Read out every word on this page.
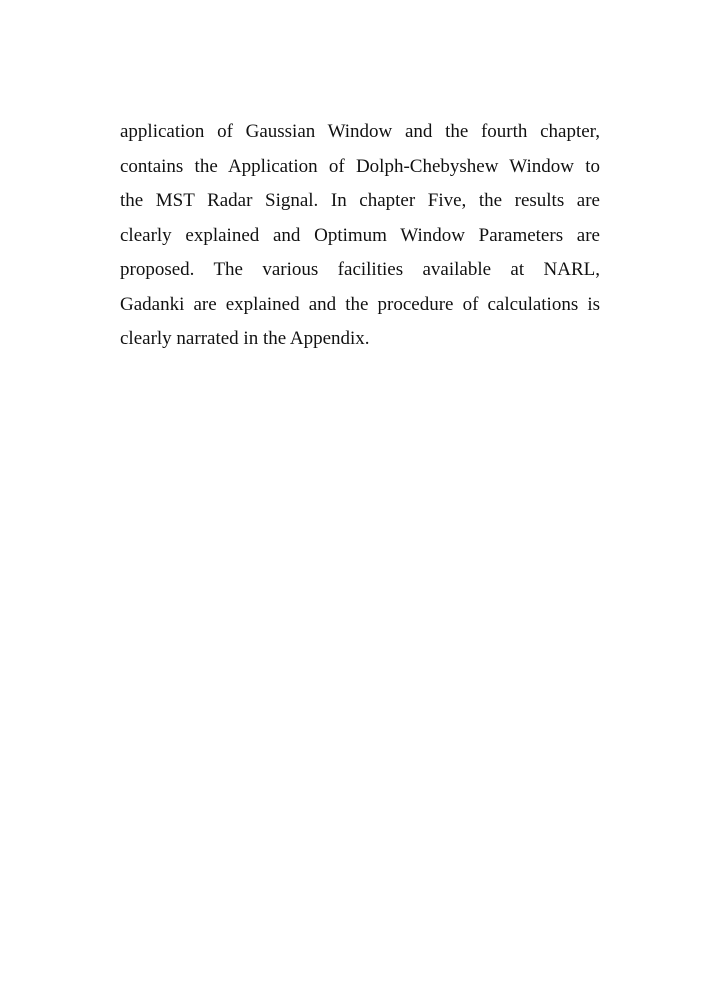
application of Gaussian Window and the fourth chapter,
contains the Application of Dolph-Chebyshew Window to
the MST Radar Signal. In chapter Five, the results are
clearly explained and Optimum Window Parameters are
proposed. The various facilities available at NARL,
Gadanki are explained and the procedure of calculations is
clearly narrated in the Appendix.
